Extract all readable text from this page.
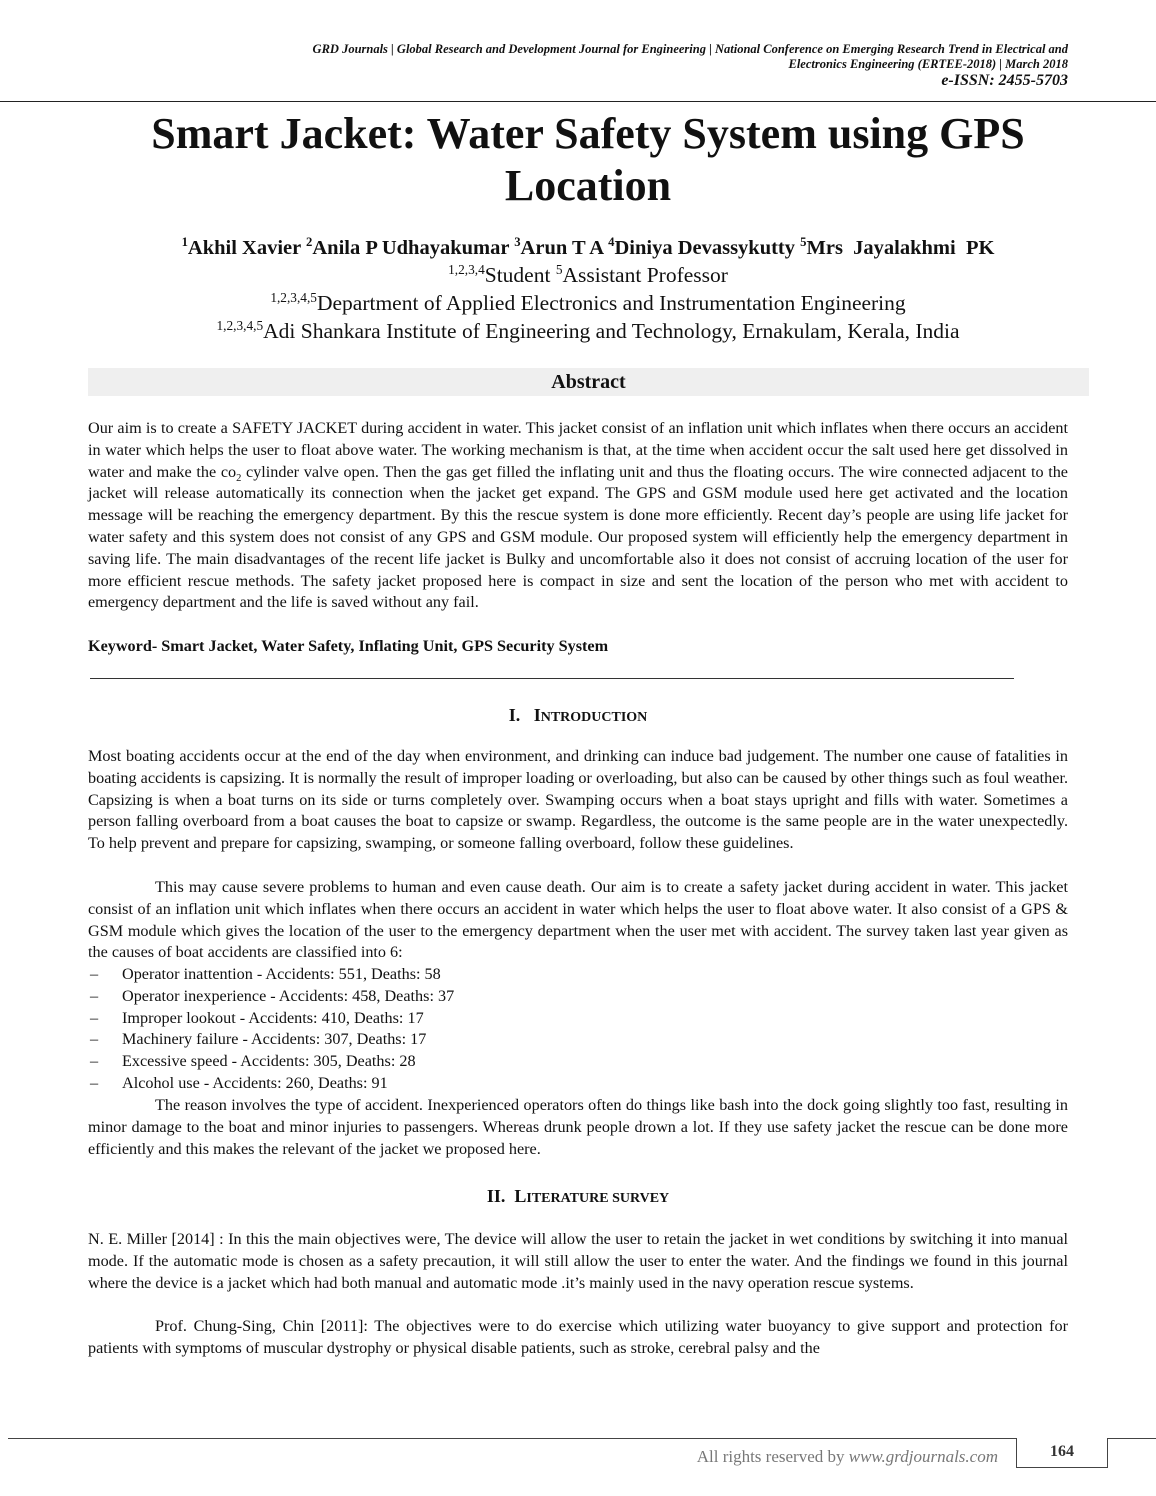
GRD Journals | Global Research and Development Journal for Engineering | National Conference on Emerging Research Trend in Electrical and
Electronics Engineering (ERTEE-2018) | March 2018
e-ISSN: 2455-5703
Smart Jacket: Water Safety System using GPS
Location
$^1$Akhil Xavier $^2$Anila P Udhayakumar $^3$Arun T A $^4$Diniya Devassykutty $^5$Mrs  Jayalakhmi  PK
$^{1,2,3,4}$Student $^5$Assistant Professor
$^{1,2,3,4,5}$Department of Applied Electronics and Instrumentation Engineering
$^{1,2,3,4,5}$Adi Shankara Institute of Engineering and Technology, Ernakulam, Kerala, India
Abstract

Our aim is to create a SAFETY JACKET during accident in water. This jacket consist of an inflation unit which inflates when there occurs an accident in water which helps the user to float above water. The working mechanism is that, at the time when accident occur the salt used here get dissolved in water and make the $co_2$ cylinder valve open. Then the gas get filled the inflating unit and thus the floating occurs. The wire connected adjacent to the jacket will release automatically its connection when the jacket get expand. The GPS and GSM module used here get activated and the location message will be reaching the emergency department. By this the rescue system is done more efficiently. Recent day’s people are using life jacket for water safety and this system does not consist of any GPS and GSM module. Our proposed system will efficiently help the emergency department in saving life. The main disadvantages of the recent life jacket is Bulky and uncomfortable also it does not consist of accruing location of the user for more efficient rescue methods. The safety jacket proposed here is compact in size and sent the location of the person who met with accident to emergency department and the life is saved without any fail.

Keyword- Smart Jacket, Water Safety, Inflating Unit, GPS Security System
I. INTRODUCTION

Most boating accidents occur at the end of the day when environment, and drinking can induce bad judgement. The number one cause of fatalities in boating accidents is capsizing. It is normally the result of improper loading or overloading, but also can be caused by other things such as foul weather. Capsizing is when a boat turns on its side or turns completely over. Swamping occurs when a boat stays upright and fills with water. Sometimes a person falling overboard from a boat causes the boat to capsize or swamp. Regardless, the outcome is the same people are in the water unexpectedly. To help prevent and prepare for capsizing, swamping, or someone falling overboard, follow these guidelines.

This may cause severe problems to human and even cause death. Our aim is to create a safety jacket during accident in water. This jacket consist of an inflation unit which inflates when there occurs an accident in water which helps the user to float above water. It also consist of a GPS & GSM module which gives the location of the user to the emergency department when the user met with accident. The survey taken last year given as the causes of boat accidents are classified into 6:

– Operator inattention - Accidents: 551, Deaths: 58
– Operator inexperience - Accidents: 458, Deaths: 37
– Improper lookout - Accidents: 410, Deaths: 17
– Machinery failure - Accidents: 307, Deaths: 17
– Excessive speed - Accidents: 305, Deaths: 28
– Alcohol use - Accidents: 260, Deaths: 91

The reason involves the type of accident. Inexperienced operators often do things like bash into the dock going slightly too fast, resulting in minor damage to the boat and minor injuries to passengers. Whereas drunk people drown a lot. If they use safety jacket the rescue can be done more efficiently and this makes the relevant of the jacket we proposed here.

II. LITERATURE SURVEY

N. E. Miller [2014] : In this the main objectives were, The device will allow the user to retain the jacket in wet conditions by switching it into manual mode. If the automatic mode is chosen as a safety precaution, it will still allow the user to enter the water. And the findings we found in this journal where the device is a jacket which had both manual and automatic mode .it’s mainly used in the navy operation rescue systems.

Prof. Chung-Sing, Chin [2011]: The objectives were to do exercise which utilizing water buoyancy to give support and protection for patients with symptoms of muscular dystrophy or physical disable patients, such as stroke, cerebral palsy and the

All rights reserved by www.grdjournals.com	164
